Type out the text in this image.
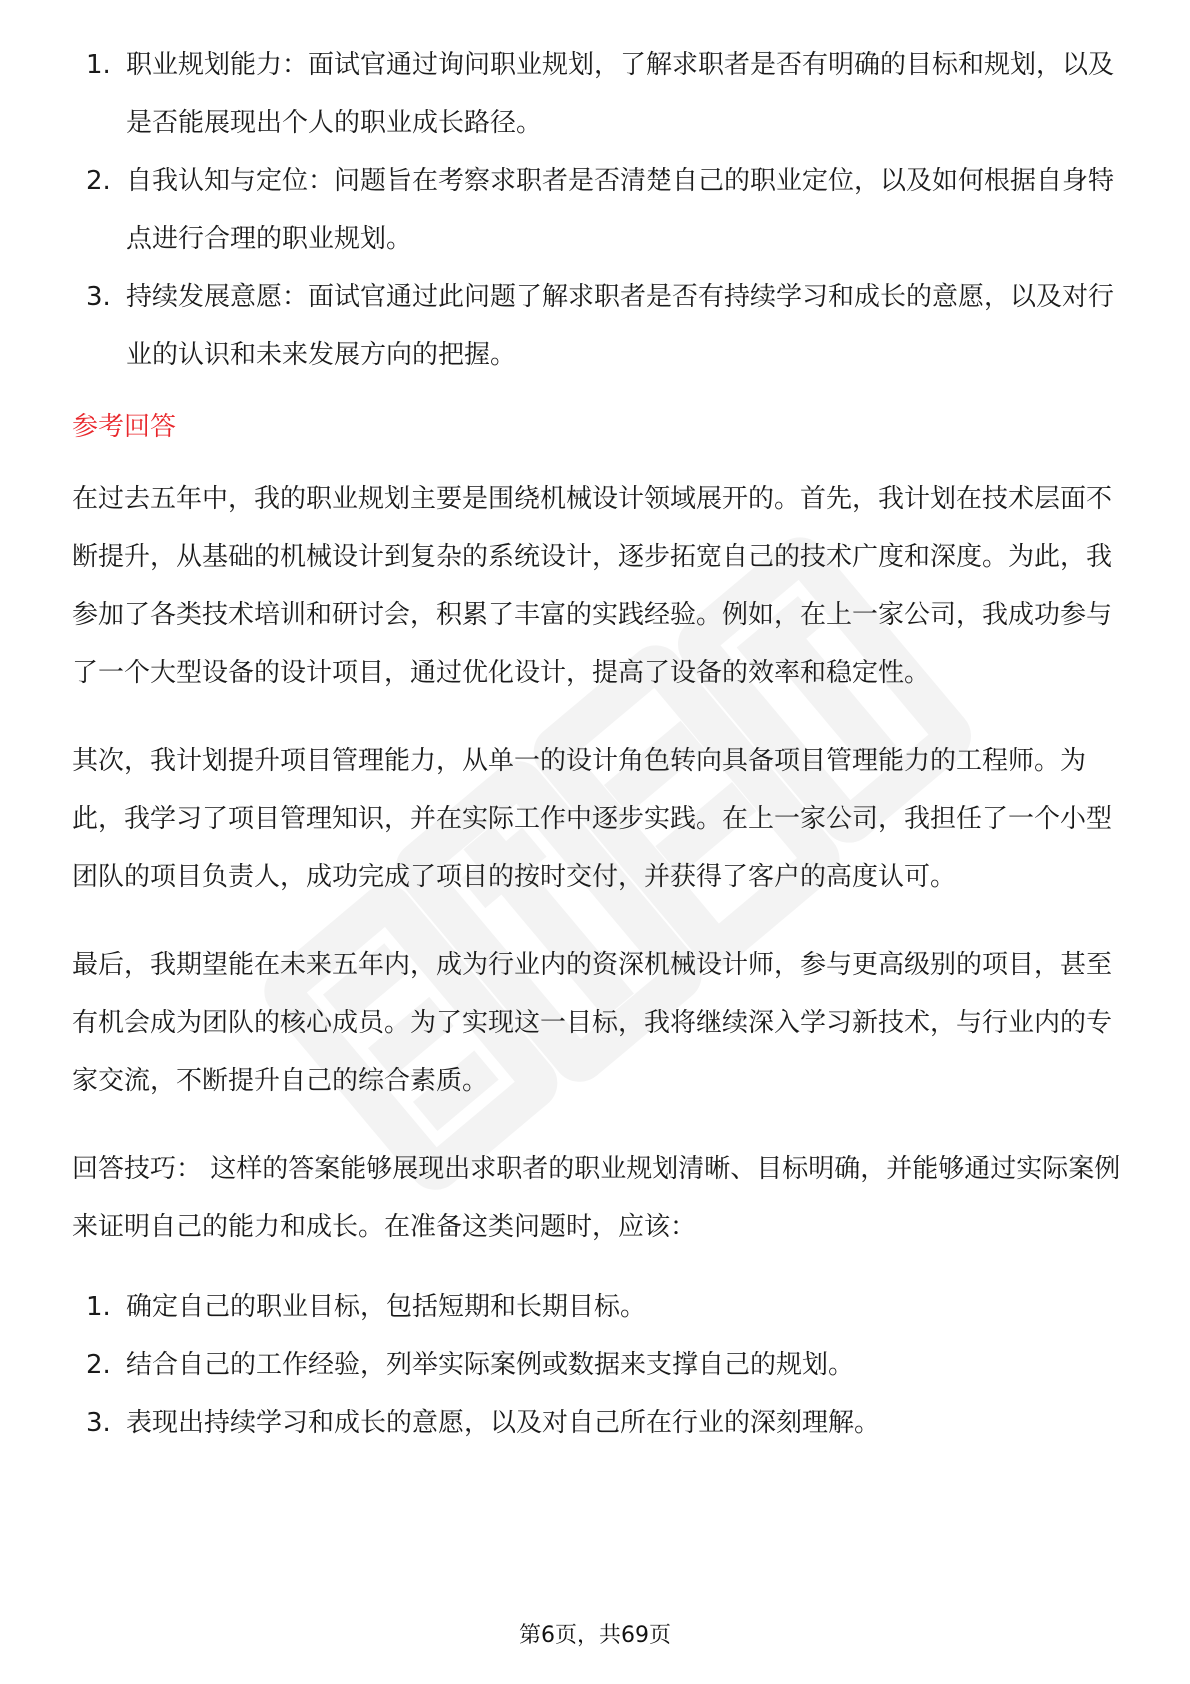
1. 职业规划能力：面试官通过询问职业规划，了解求职者是否有明确的目标和规划，以及是否能展现出个人的职业成长路径。
2. 自我认知与定位：问题旨在考察求职者是否清楚自己的职业定位，以及如何根据自身特点进行合理的职业规划。
3. 持续发展意愿：面试官通过此问题了解求职者是否有持续学习和成长的意愿，以及对行业的认识和未来发展方向的把握。
参考回答

在过去五年中，我的职业规划主要是围绕机械设计领域展开的。首先，我计划在技术层面不断提升，从基础的机械设计到复杂的系统设计，逐步拓宽自己的技术广度和深度。为此，我参加了各类技术培训和研讨会，积累了丰富的实践经验。例如，在上一家公司，我成功参与了一个大型设备的设计项目，通过优化设计，提高了设备的效率和稳定性。

其次，我计划提升项目管理能力，从单一的设计角色转向具备项目管理能力的工程师。为此，我学习了项目管理知识，并在实际工作中逐步实践。在上一家公司，我担任了一个小型团队的项目负责人，成功完成了项目的按时交付，并获得了客户的高度认可。

最后，我期望能在未来五年内，成为行业内的资深机械设计师，参与更高级别的项目，甚至有机会成为团队的核心成员。为了实现这一目标，我将继续深入学习新技术，与行业内的专家交流，不断提升自己的综合素质。

回答技巧： 这样的答案能够展现出求职者的职业规划清晰、目标明确，并能够通过实际案例来证明自己的能力和成长。在准备这类问题时，应该：

1. 确定自己的职业目标，包括短期和长期目标。
2. 结合自己的工作经验，列举实际案例或数据来支撑自己的规划。
3. 表现出持续学习和成长的意愿，以及对自己所在行业的深刻理解。
第6页，共69页
